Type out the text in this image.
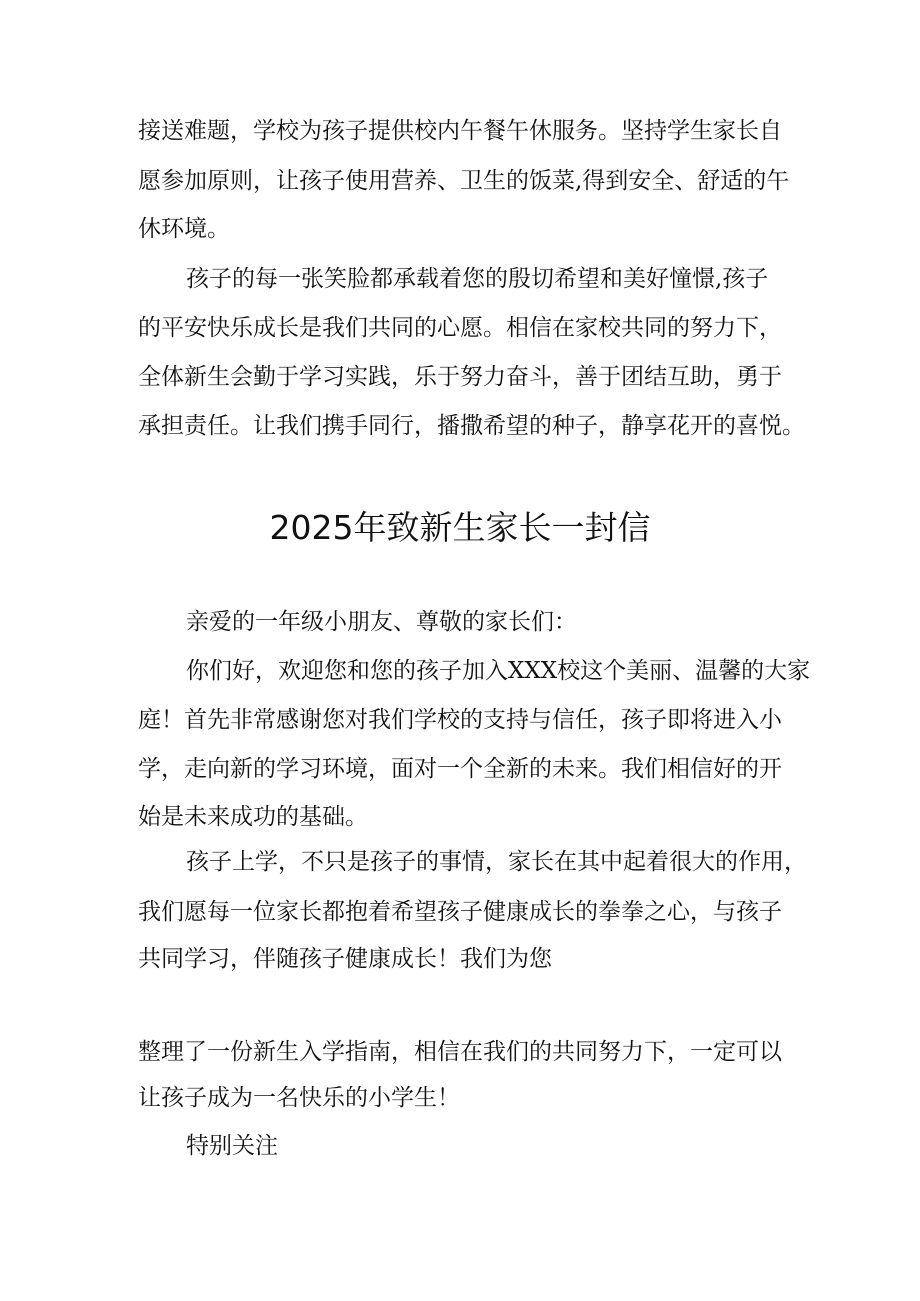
接送难题，学校为孩子提供校内午餐午休服务。坚持学生家长自
愿参加原则，让孩子使用营养、卫生的饭菜,得到安全、舒适的午
休环境。
孩子的每一张笑脸都承载着您的殷切希望和美好憧憬,孩子
的平安快乐成长是我们共同的心愿。相信在家校共同的努力下，
全体新生会勤于学习实践，乐于努力奋斗，善于团结互助，勇于
承担责任。让我们携手同行，播撒希望的种子，静享花开的喜悦。
2025年致新生家长一封信
亲爱的一年级小朋友、尊敬的家长们：
你们好，欢迎您和您的孩子加入XXX校这个美丽、温馨的大家
庭！首先非常感谢您对我们学校的支持与信任，孩子即将进入小
学，走向新的学习环境，面对一个全新的未来。我们相信好的开
始是未来成功的基础。
孩子上学，不只是孩子的事情，家长在其中起着很大的作用，
我们愿每一位家长都抱着希望孩子健康成长的拳拳之心，与孩子
共同学习，伴随孩子健康成长！我们为您
整理了一份新生入学指南，相信在我们的共同努力下，一定可以
让孩子成为一名快乐的小学生！
特别关注
